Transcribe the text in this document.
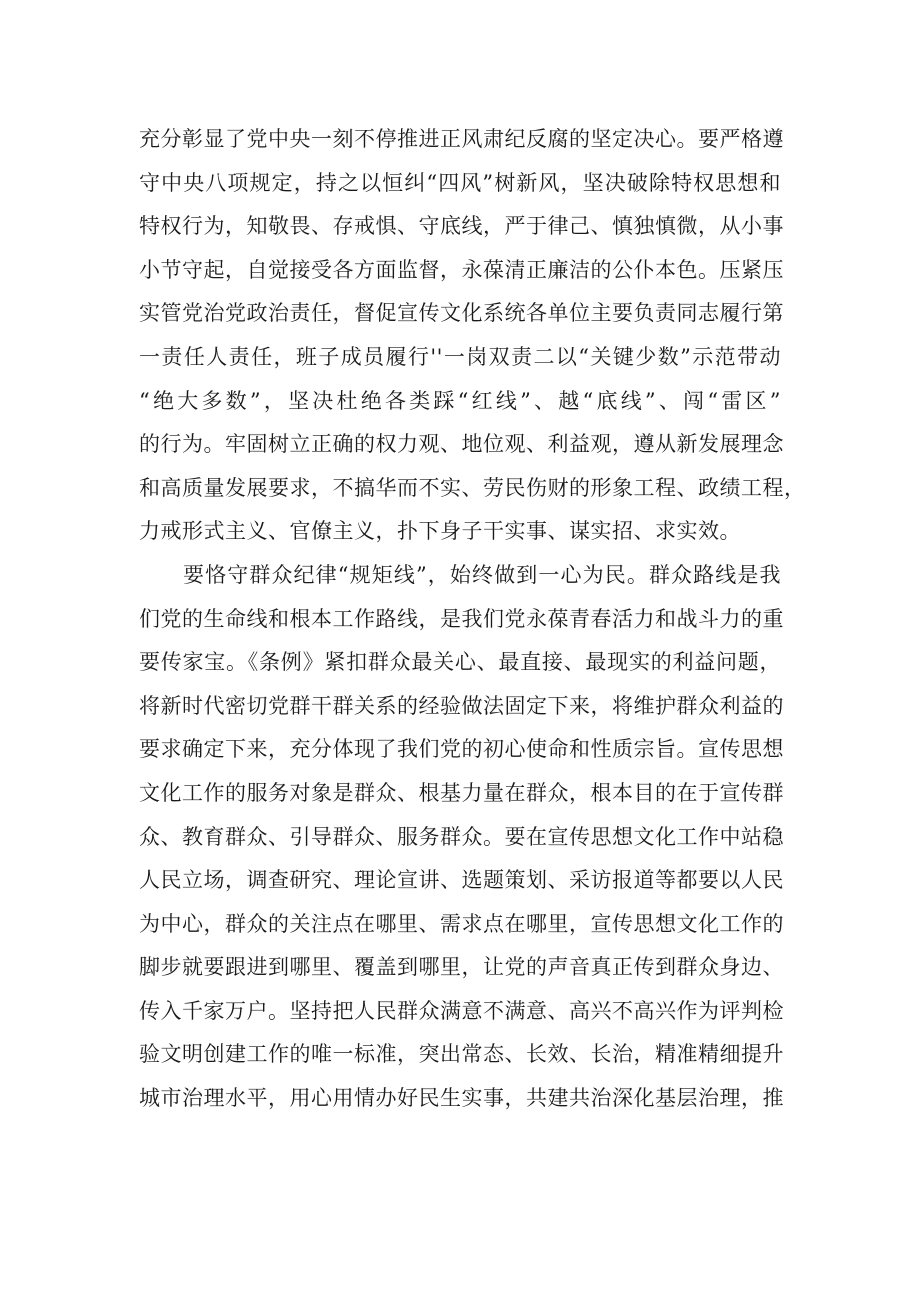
充分彰显了党中央一刻不停推进正风肃纪反腐的坚定决心。要严格遵
守中央八项规定，持之以恒纠“四风”树新风，坚决破除特权思想和
特权行为，知敬畏、存戒惧、守底线，严于律己、慎独慎微，从小事
小节守起，自觉接受各方面监督，永葆清正廉洁的公仆本色。压紧压
实管党治党政治责任，督促宣传文化系统各单位主要负责同志履行第
一责任人责任，班子成员履行''一岗双责二以“关键少数”示范带动
“绝大多数”，坚决杜绝各类踩“红线”、越“底线”、闯“雷区”
的行为。牢固树立正确的权力观、地位观、利益观，遵从新发展理念
和高质量发展要求，不搞华而不实、劳民伤财的形象工程、政绩工程，
力戒形式主义、官僚主义，扑下身子干实事、谋实招、求实效。
要恪守群众纪律“规矩线”，始终做到一心为民。群众路线是我
们党的生命线和根本工作路线，是我们党永葆青春活力和战斗力的重
要传家宝。《条例》紧扣群众最关心、最直接、最现实的利益问题，
将新时代密切党群干群关系的经验做法固定下来，将维护群众利益的
要求确定下来，充分体现了我们党的初心使命和性质宗旨。宣传思想
文化工作的服务对象是群众、根基力量在群众，根本目的在于宣传群
众、教育群众、引导群众、服务群众。要在宣传思想文化工作中站稳
人民立场，调查研究、理论宣讲、选题策划、采访报道等都要以人民
为中心，群众的关注点在哪里、需求点在哪里，宣传思想文化工作的
脚步就要跟进到哪里、覆盖到哪里，让党的声音真正传到群众身边、
传入千家万户。坚持把人民群众满意不满意、高兴不高兴作为评判检
验文明创建工作的唯一标准，突出常态、长效、长治，精准精细提升
城市治理水平，用心用情办好民生实事，共建共治深化基层治理，推
